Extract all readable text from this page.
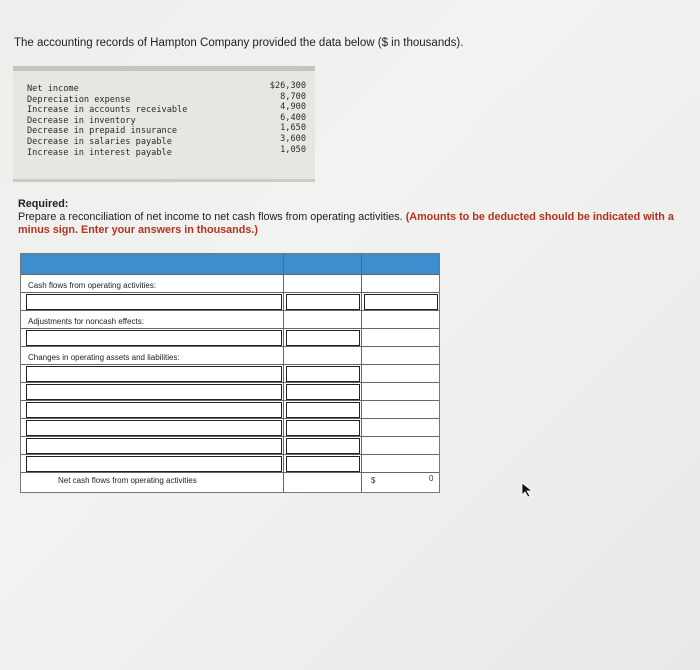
The accounting records of Hampton Company provided the data below ($ in thousands).
Net income
Depreciation expense
Increase in accounts receivable
Decrease in inventory
Decrease in prepaid insurance
Decrease in salaries payable
Increase in interest payable
$26,300
8,700
4,900
6,400
1,650
3,600
1,050
Required:
Prepare a reconciliation of net income to net cash flows from operating activities. (Amounts to be deducted should be indicated with a minus sign. Enter your answers in thousands.)
Cash flows from operating activities:
Adjustments for noncash effects:
Changes in operating assets and liabilities:
Net cash flows from operating activities	$	0
